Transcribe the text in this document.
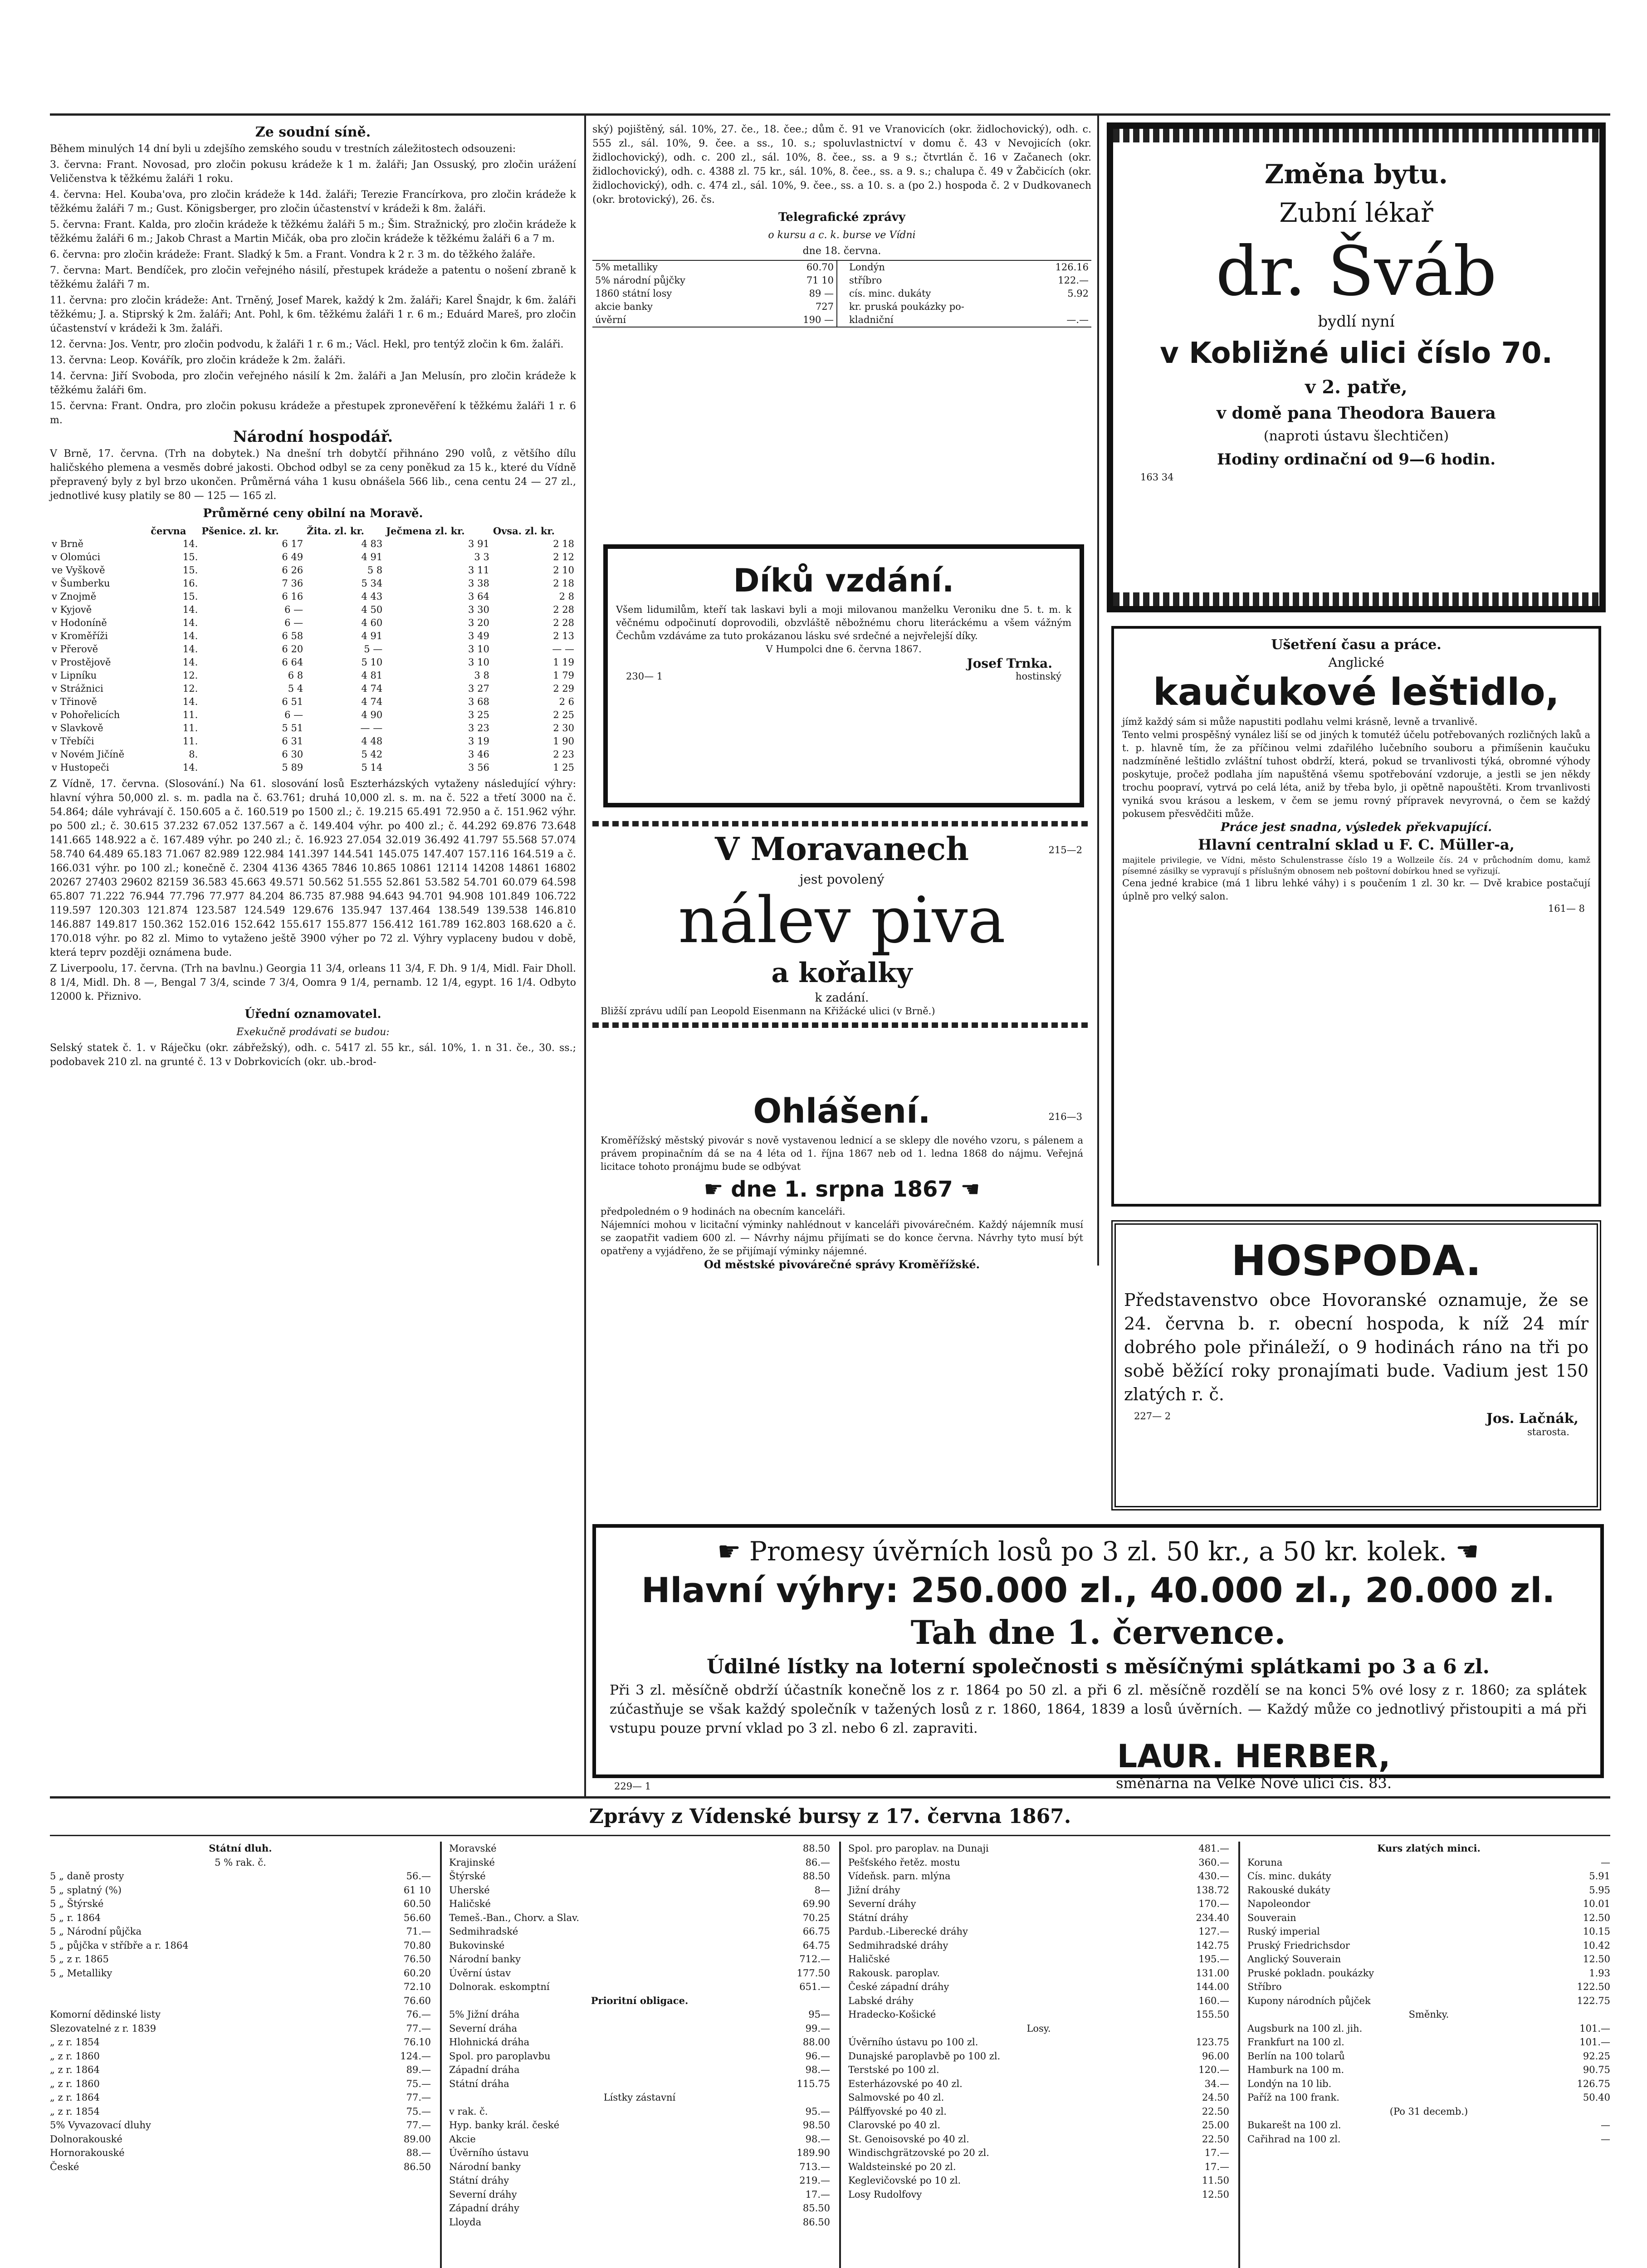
Ze soudní síně.

Během minulých 14 dní byli u zdejšího zemského soudu v trestních záležitostech odsouzeni:

3. června: Frant. Novosad, pro zločin pokusu krádeže k 1 m. žaláři; Jan Ossuský, pro zločin urážení Veličenstva k těžkému žaláři 1 roku.

4. června: Hel. Kouba'ova, pro zločin krádeže k 14d. žaláři; Terezie Francírkova, pro zločin krádeže k těžkému žaláři 7 m.; Gust. Königsberger, pro zločin účastenství v krádeži k 8m. žaláři.

5. června: Frant. Kalda, pro zločin krádeže k těžkému žaláři 5 m.; Šim. Stražnický, pro zločin krádeže k těžkému žaláři 6 m.; Jakob Chrast a Martin Mičák, oba pro zločin krádeže k těžkému žaláři 6 a 7 m.

6. června: pro zločin krádeže: Frant. Sladký k 5m. a Frant. Vondra k 2 r. 3 m. do těžkého žaláře.

7. června: Mart. Bendíček, pro zločin veřejného násilí, přestupek krádeže a patentu o nošení zbraně k těžkému žaláři 7 m.

11. června: pro zločin krádeže: Ant. Trněný, Josef Marek, každý k 2m. žaláři; Karel Šnajdr, k 6m. žaláři těžkému; J. a. Stiprský k 2m. žaláři; Ant. Pohl, k 6m. těžkému žaláři 1 r. 6 m.; Eduárd Mareš, pro zločin účastenství v krádeži k 3m. žaláři.

12. června: Jos. Ventr, pro zločin podvodu, k žaláři 1 r. 6 m.; Václ. Hekl, pro tentýž zločin k 6m. žaláři.

13. června: Leop. Kovářík, pro zločin krádeže k 2m. žaláři.

14. června: Jiří Svoboda, pro zločin veřejného násilí k 2m. žaláři a Jan Melusín, pro zločin krádeže k těžkému žaláři 6m.

15. června: Frant. Ondra, pro zločin pokusu krádeže a přestupek zpronevěření k těžkému žaláři 1 r. 6 m.

Národní hospodář.

V Brně, 17. června. (Trh na dobytek.) Na dnešní trh dobytčí přihnáno 290 volů, z většího dílu haličského plemena a vesměs dobré jakosti. Obchod odbyl se za ceny poněkud za 15 k., které du Vídně přepravený byly z byl brzo ukončen. Průměrná váha 1 kusu obnášela 566 lib., cena centu 24 — 27 zl., jednotlivé kusy platily se 80 — 125 — 165 zl.

Průměrné ceny obilní na Moravě.
	června	Pšenice. zl. kr.	Žita. zl. kr.	Ječmena zl. kr.	Ovsa. zl. kr.
v Brně	14.	6 17	4 83	3 91	2 18
v Olomúci	15.	6 49	4 91	3 3	2 12
ve Vyškově	15.	6 26	5 8	3 11	2 10
v Šumberku	16.	7 36	5 34	3 38	2 18
v Znojmě	15.	6 16	4 43	3 64	2 8
v Kyjově	14.	6 —	4 50	3 30	2 28
v Hodoníně	14.	6 —	4 60	3 20	2 28
v Kroměříži	14.	6 58	4 91	3 49	2 13
v Přerově	14.	6 20	5 —	3 10	— —
v Prostějově	14.	6 64	5 10	3 10	1 19
v Lipníku	12.	6 8	4 81	3 8	1 79
v Strážnici	12.	5 4	4 74	3 27	2 29
v Třinově	14.	6 51	4 74	3 68	2 6
v Pohořelicích	11.	6 —	4 90	3 25	2 25
v Slavkově	11.	5 51	— —	3 23	2 30
v Třebíči	11.	6 31	4 48	3 19	1 90
v Novém Jičíně	8.	6 30	5 42	3 46	2 23
v Hustopeči	14.	5 89	5 14	3 56	1 25

Z Vídně, 17. června. (Slosování.) Na 61. slosování losů Eszterházských vytaženy následující výhry: hlavní výhra 50,000 zl. s. m. padla na č. 63.761; druhá 10,000 zl. s. m. na č. 522 a třetí 3000 na č. 54.864; dále vyhrávají č. 150.605 a č. 160.519 po 1500 zl.; č. 19.215 65.491 72.950 a č. 151.962 výhr. po 500 zl.; č. 30.615 37.232 67.052 137.567 a č. 149.404 výhr. po 400 zl.; č. 44.292 69.876 73.648 141.665 148.922 a č. 167.489 výhr. po 240 zl.; č. 16.923 27.054 32.019 36.492 41.797 55.568 57.074 58.740 64.489 65.183 71.067 82.989 122.984 141.397 144.541 145.075 147.407 157.116 164.519 a č. 166.031 výhr. po 100 zl.; konečně č. 2304 4136 4365 7846 10.865 10861 12114 14208 14861 16802 20267 27403 29602 82159 36.583 45.663 49.571 50.562 51.555 52.861 53.582 54.701 60.079 64.598 65.807 71.222 76.944 77.796 77.977 84.204 86.735 87.988 94.643 94.701 94.908 101.849 106.722 119.597 120.303 121.874 123.587 124.549 129.676 135.947 137.464 138.549 139.538 146.810 146.887 149.817 150.362 152.016 152.642 155.617 155.877 156.412 161.789 162.803 168.620 a č. 170.018 výhr. po 82 zl. Mimo to vytaženo ještě 3900 výher po 72 zl. Výhry vyplaceny budou v době, která teprv později oznámena bude.

Z Liverpoolu, 17. června. (Trh na bavlnu.) Georgia 11 3/4, orleans 11 3/4, F. Dh. 9 1/4, Midl. Fair Dholl. 8 1/4, Midl. Dh. 8 —, Bengal 7 3/4, scinde 7 3/4, Oomra 9 1/4, pernamb. 12 1/4, egypt. 16 1/4. Odbyto 12000 k. Přiznivo.

Úřední oznamovatel.

Exekučně prodávati se budou:

Selský statek č. 1. v Ráječku (okr. zábřežský), odh. c. 5417 zl. 55 kr., sál. 10%, 1. n 31. če., 30. ss.; podobavek 210 zl. na grunté č. 13 v Dobrkovicích (okr. ub.-brod-

ský) pojištěný, sál. 10%, 27. če., 18. čee.; dům č. 91 ve Vranovicích (okr. židlochovický), odh. c. 555 zl., sál. 10%, 9. čee. a ss., 10. s.; spoluvlastnictví v domu č. 43 v Nevojicích (okr. židlochovický), odh. c. 200 zl., sál. 10%, 8. čee., ss. a 9 s.; čtvrtlán č. 16 v Začanech (okr. židlochovický), odh. c. 4388 zl. 75 kr., sál. 10%, 8. čee., ss. a 9. s.; chalupa č. 49 v Žabčicích (okr. židlochovický), odh. c. 474 zl., sál. 10%, 9. čee., ss. a 10. s. a (po 2.) hospoda č. 2 v Dudkovanech (okr. brotovický), 26. čs.

Telegrafické zprávy

o kursu a c. k. burse ve Vídni

dne 18. června.

5% metalliky	60.70
5% národní půjčky	71 10
1860 státní losy	89 —
akcie banky	727
úvěrní	190 —
Londýn	126.16
stříbro	122.—
cís. minc. dukáty	5.92
kr. pruská poukázky po-	
kladniční	—.—
Díků vzdání.

Všem lidumilům, kteří tak laskavi byli a moji milovanou manželku Veroniku dne 5. t. m. k věčnému odpočinutí doprovodili, obzvláště něbožnému choru literáckému a všem vážným Čechům vzdáváme za tuto prokázanou lásku své srdečné a nejvřelejší díky.

V Humpolci dne 6. června 1867.

Josef Trnka.
230— 1	hostinský
V Moravanech	215—2
jest povolený
nálev piva
a kořalky
k zadání.

Bližší zprávu udílí pan Leopold Eisenmann na Křižácké ulici (v Brně.)

Ohlášení.	216—3

Kroměřížský městský pivovár s nově vystavenou lednicí a se sklepy dle nového vzoru, s pálenem a právem propinačním dá se na 4 léta od 1. října 1867 neb od 1. ledna 1868 do nájmu. Veřejná licitace tohoto pronájmu bude se odbývat

☛ dne 1. srpna 1867 ☚

předpoledném o 9 hodinách na obecním kanceláři.

Nájemníci mohou v licitační výminky nahlédnout v kanceláři pivovárečném. Každý nájemník musí se zaopatřit vadiem 600 zl. — Návrhy nájmu přijímati se do konce června. Návrhy tyto musí být opatřeny a vyjádřeno, že se přijímají výminky nájemné.

Od městské pivovárečné správy Kroměřížské.
Změna bytu.
Zubní lékař
dr. Šváb
bydlí nyní
v Kobližné ulici číslo 70.
v 2. patře,
v domě pana Theodora Bauera
(naproti ústavu šlechtičen)
Hodiny ordinační od 9—6 hodin.
163 34
Ušetření času a práce.
Anglické
kaučukové leštidlo,

jímž každý sám si může napustiti podlahu velmi krásně, levně a trvanlivě.

Tento velmi prospěšný vynález liší se od jiných k tomutéž účelu potřebovaných rozličných laků a t. p. hlavně tím, že za příčinou velmi zdařilého lučebního souboru a přimíšenin kaučuku nadzmíněné leštidlo zvláštní tuhost obdrží, která, pokud se trvanlivosti týká, obromné výhody poskytuje, pročež podlaha jím napuštěná všemu spotřebování vzdoruje, a jestli se jen někdy trochu poopraví, vytrvá po celá léta, aniž by třeba bylo, ji opětně napouštěti. Krom trvanlivosti vyniká svou krásou a leskem, v čem se jemu rovný přípravek nevyrovná, o čem se každý pokusem přesvědčiti může.

Práce jest snadna, výsledek překvapující.
Hlavní centralní sklad u F. C. Müller-a,

majitele privilegie, ve Vídni, město Schulenstrasse číslo 19 a Wollzeile čís. 24 v průchodním domu, kamž písemné zásilky se vypravují s příslušným obnosem neb poštovní dobírkou hned se vyřizují.

Cena jedné krabice (má 1 libru lehké váhy) i s poučením 1 zl. 30 kr. — Dvě krabice postačují úplně pro velký salon.

161— 8
HOSPODA.

Představenstvo obce Hovoranské oznamuje, že se 24. června b. r. obecní hospoda, k níž 24 mír dobrého pole přináleží, o 9 hodinách ráno na tři po sobě běžící roky pronajímati bude. Vadium jest 150 zlatých r. č.

227— 2	Jos. Lačnák,
starosta.
☛ Promesy úvěrních losů po 3 zl. 50 kr., a 50 kr. kolek. ☚
Hlavní výhry: 250.000 zl., 40.000 zl., 20.000 zl.
Tah dne 1. července.
Údilné lístky na loterní společnosti s měsíčnými splátkami po 3 a 6 zl.

Při 3 zl. měsíčně obdrží účastník konečně los z r. 1864 po 50 zl. a při 6 zl. měsíčně rozdělí se na konci 5% ové losy z r. 1860; za splátek zúčastňuje se však každý společník v tažených losů z r. 1860, 1864, 1839 a losů úvěrních. — Každý může co jednotlivý přistoupiti a má při vstupu pouze první vklad po 3 zl. nebo 6 zl. zapraviti.

229— 1
LAUR. HERBER,
směnárna na Velké Nové ulici čís. 83.
Zprávy z Vídenské bursy z 17. června 1867.
Státní dluh.
5 % rak. č.
5 „ daně prosty	56.—
5 „ splatný (%)	61 10
5 „ Štýrské	60.50
5 „ r. 1864	56.60
5 „ Národní půjčka	71.—
5 „ půjčka v stříbře a r. 1864	70.80
5 „ z r. 1865	76.50
5 „ Metalliky	60.20
72.10
76.60
Komorní dědinské listy	76.—
Slezovatelné z r. 1839	77.—
„ z r. 1854	76.10
„ z r. 1860	124.—
„ z r. 1864	89.—
„ z r. 1860	75.—
„ z r. 1864	77.—
„ z r. 1854	75.—
5% Vyvazovací dluhy	77.—
Dolnorakouské	89.00
Hornorakouské	88.—
České	86.50
Moravské	88.50
Krajinské	86.—
Štýrské	88.50
Uherské	8—
Haličské	69.90
Temeš.-Ban., Chorv. a Slav.	70.25
Sedmihradské	66.75
Bukovinské	64.75
Národní banky	712.—
Úvěrní ústav	177.50
Dolnorak. eskomptní	651.—
Prioritní obligace.
5% Jižní dráha	95—
Severní dráha	99.—
Hlohnická dráha	88.00
Spol. pro paroplavbu	96.—
Západní dráha	98.—
Státní dráha	115.75
Lístky zástavní
v rak. č.	95.—
Hyp. banky král. české	98.50
Akcie	98.—
Úvěrního ústavu	189.90
Národní banky	713.—
Státní dráhy	219.—
Severní dráhy	17.—
Západní dráhy	85.50
Lloyda	86.50
Spol. pro paroplav. na Dunaji	481.—
Pešťského řetěz. mostu	360.—
Vídeňsk. parn. mlýna	430.—
Jižní dráhy	138.72
Severní dráhy	170.—
Státní dráhy	234.40
Pardub.-Liberecké dráhy	127.—
Sedmihradské dráhy	142.75
Haličské	195.—
Rakousk. paroplav.	131.00
České západní dráhy	144.00
Labské dráhy	160.—
Hradecko-Košické	155.50
Losy.
Úvěrního ústavu po 100 zl.	123.75
Dunajské paroplavbě po 100 zl.	96.00
Terstské po 100 zl.	120.—
Esterházovské po 40 zl.	34.—
Salmovské po 40 zl.	24.50
Pálffyovské po 40 zl.	22.50
Clarovské po 40 zl.	25.00
St. Genoisovské po 40 zl.	22.50
Windischgrätzovské po 20 zl.	17.—
Waldsteinské po 20 zl.	17.—
Keglevičovské po 10 zl.	11.50
Losy Rudolfovy	12.50
Kurs zlatých minci.
Koruna	—
Cís. minc. dukáty	5.91
Rakouské dukáty	5.95
Napoleondor	10.01
Souverain	12.50
Ruský imperial	10.15
Pruský Friedrichsdor	10.42
Anglický Souverain	12.50
Pruské pokladn. poukázky	1.93
Stříbro	122.50
Kupony národních půjček	122.75
Směnky.
Augsburk na 100 zl. jih.	101.—
Frankfurt na 100 zl.	101.—
Berlín na 100 tolarů	92.25
Hamburk na 100 m.	90.75
Londýn na 10 lib.	126.75
Paříž na 100 frank.	50.40
(Po 31 decemb.)
Bukarešt na 100 zl.	—
Cařihrad na 100 zl.	—
